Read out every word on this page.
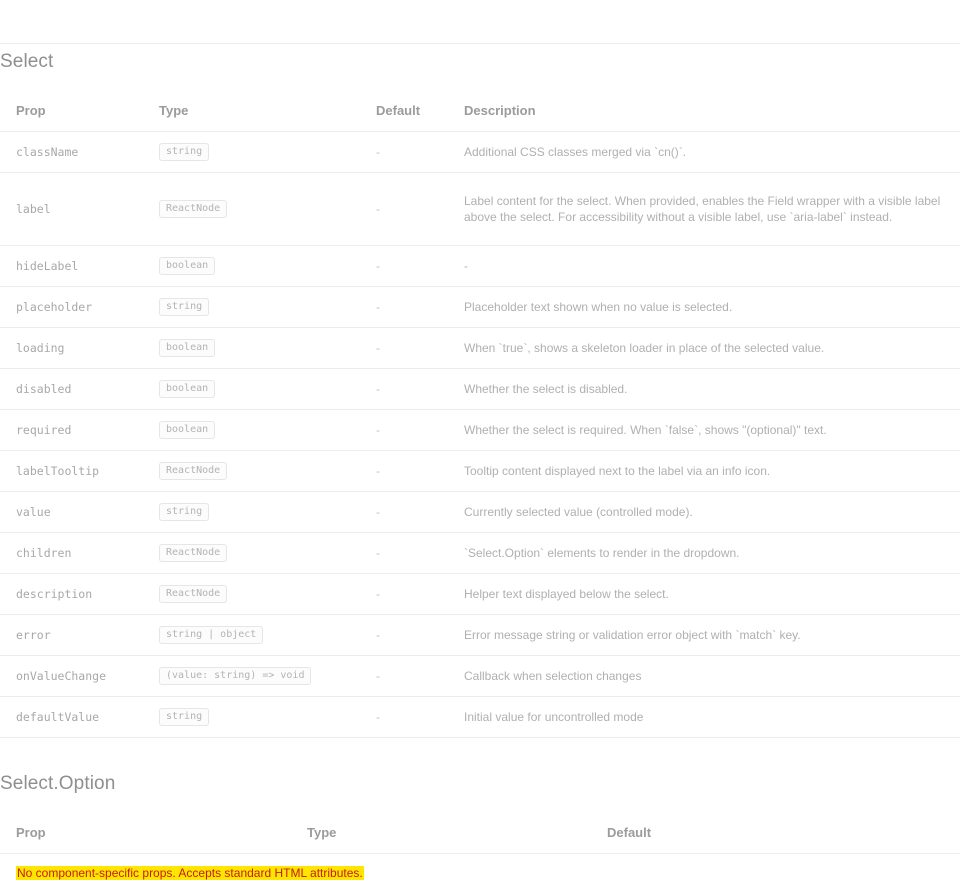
Select
Prop	Type	Default	Description
className	string	-	Additional CSS classes merged via `cn()`.
label	ReactNode	-	Label content for the select. When provided, enables the Field wrapper with a visible label above the select. For accessibility without a visible label, use `aria-label` instead.
hideLabel	boolean	-	-
placeholder	string	-	Placeholder text shown when no value is selected.
loading	boolean	-	When `true`, shows a skeleton loader in place of the selected value.
disabled	boolean	-	Whether the select is disabled.
required	boolean	-	Whether the select is required. When `false`, shows "(optional)" text.
labelTooltip	ReactNode	-	Tooltip content displayed next to the label via an info icon.
value	string	-	Currently selected value (controlled mode).
children	ReactNode	-	`Select.Option` elements to render in the dropdown.
description	ReactNode	-	Helper text displayed below the select.
error	string | object	-	Error message string or validation error object with `match` key.
onValueChange	(value: string) => void	-	Callback when selection changes
defaultValue	string	-	Initial value for uncontrolled mode
Select.Option
Prop	Type	Default
No component-specific props. Accepts standard HTML attributes.
